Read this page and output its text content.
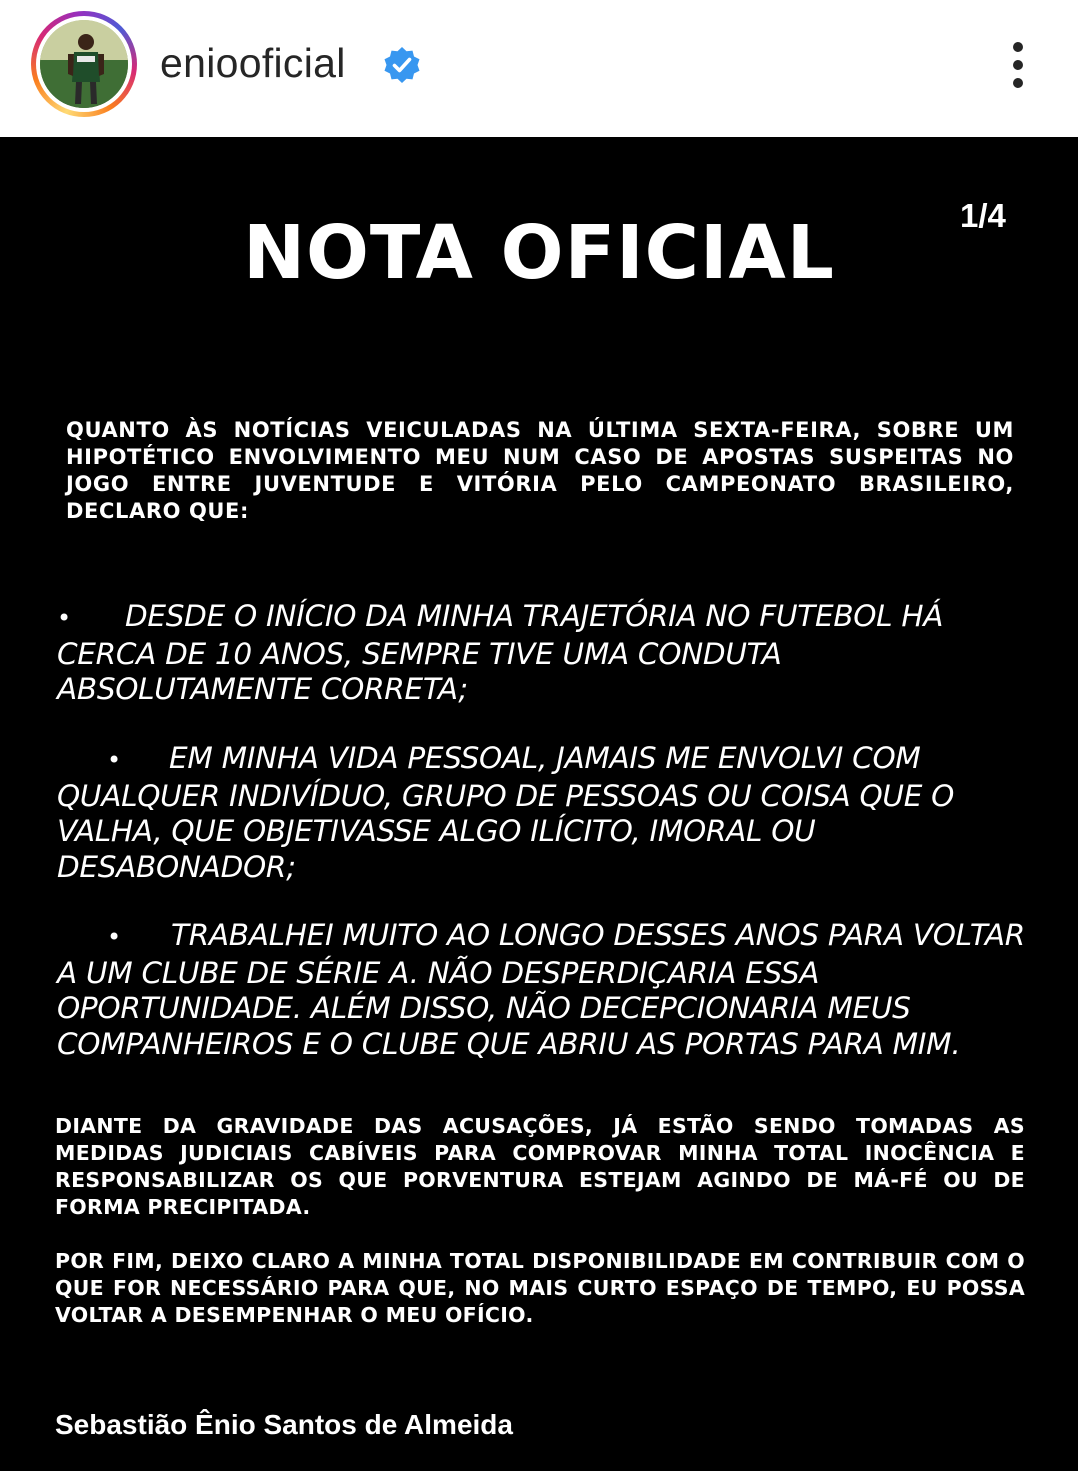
eniooficial
NOTA OFICIAL	1/4
QUANTO ÀS NOTÍCIAS VEICULADAS NA ÚLTIMA SEXTA-FEIRA, SOBRE UM HIPOTÉTICO ENVOLVIMENTO MEU NUM CASO DE APOSTAS SUSPEITAS NO JOGO ENTRE JUVENTUDE E VITÓRIA PELO CAMPEONATO BRASILEIRO, DECLARO QUE:
• DESDE O INÍCIO DA MINHA TRAJETÓRIA NO FUTEBOL HÁ CERCA DE 10 ANOS, SEMPRE TIVE UMA CONDUTA ABSOLUTAMENTE CORRETA;
• EM MINHA VIDA PESSOAL, JAMAIS ME ENVOLVI COM QUALQUER INDIVÍDUO, GRUPO DE PESSOAS OU COISA QUE O VALHA, QUE OBJETIVASSE ALGO ILÍCITO, IMORAL OU DESABONADOR;
• TRABALHEI MUITO AO LONGO DESSES ANOS PARA VOLTAR A UM CLUBE DE SÉRIE A. NÃO DESPERDIÇARIA ESSA OPORTUNIDADE. ALÉM DISSO, NÃO DECEPCIONARIA MEUS COMPANHEIROS E O CLUBE QUE ABRIU AS PORTAS PARA MIM.
DIANTE DA GRAVIDADE DAS ACUSAÇÕES, JÁ ESTÃO SENDO TOMADAS AS MEDIDAS JUDICIAIS CABÍVEIS PARA COMPROVAR MINHA TOTAL INOCÊNCIA E RESPONSABILIZAR OS QUE PORVENTURA ESTEJAM AGINDO DE MÁ-FÉ OU DE FORMA PRECIPITADA.
POR FIM, DEIXO CLARO A MINHA TOTAL DISPONIBILIDADE EM CONTRIBUIR COM O QUE FOR NECESSÁRIO PARA QUE, NO MAIS CURTO ESPAÇO DE TEMPO, EU POSSA VOLTAR A DESEMPENHAR O MEU OFÍCIO.
Sebastião Ênio Santos de Almeida
